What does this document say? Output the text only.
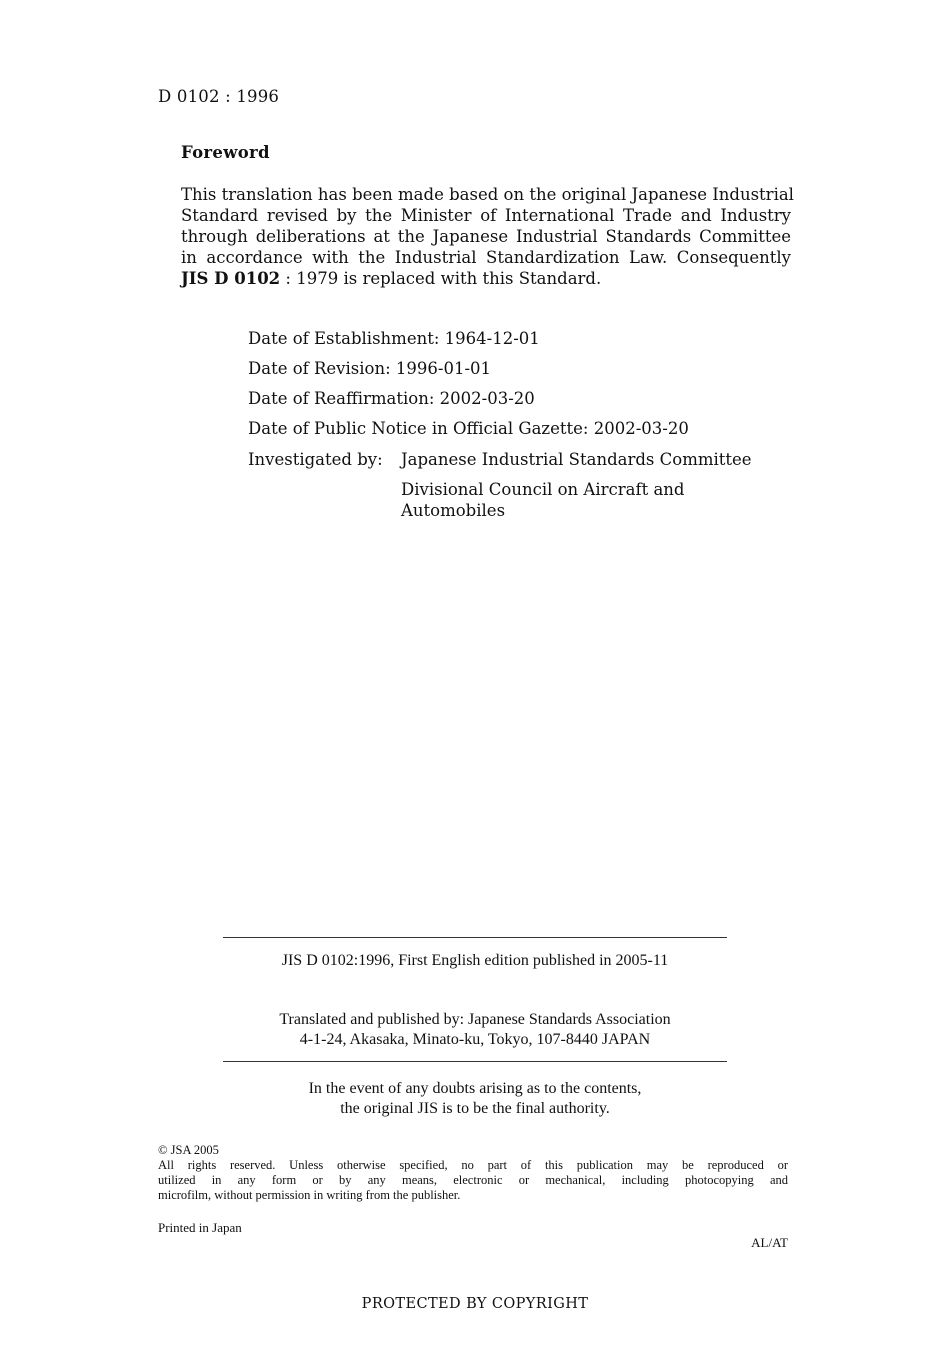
D 0102 : 1996
Foreword
This translation has been made based on the original Japanese Industrial
Standard revised by the Minister of International Trade and Industry
through deliberations at the Japanese Industrial Standards Committee
in accordance with the Industrial Standardization Law. Consequently
JIS D 0102 : 1979 is replaced with this Standard.
Date of Establishment: 1964-12-01
Date of Revision: 1996-01-01
Date of Reaffirmation: 2002-03-20
Date of Public Notice in Official Gazette: 2002-03-20
Investigated by: Japanese Industrial Standards Committee
Divisional Council on Aircraft and Automobiles
JIS D 0102:1996, First English edition published in 2005-11
Translated and published by: Japanese Standards Association
4-1-24, Akasaka, Minato-ku, Tokyo, 107-8440 JAPAN
In the event of any doubts arising as to the contents,
the original JIS is to be the final authority.
© JSA 2005
All rights reserved. Unless otherwise specified, no part of this publication may be reproduced or
utilized in any form or by any means, electronic or mechanical, including photocopying and
microfilm, without permission in writing from the publisher.
Printed in Japan
AL/AT
PROTECTED BY COPYRIGHT
